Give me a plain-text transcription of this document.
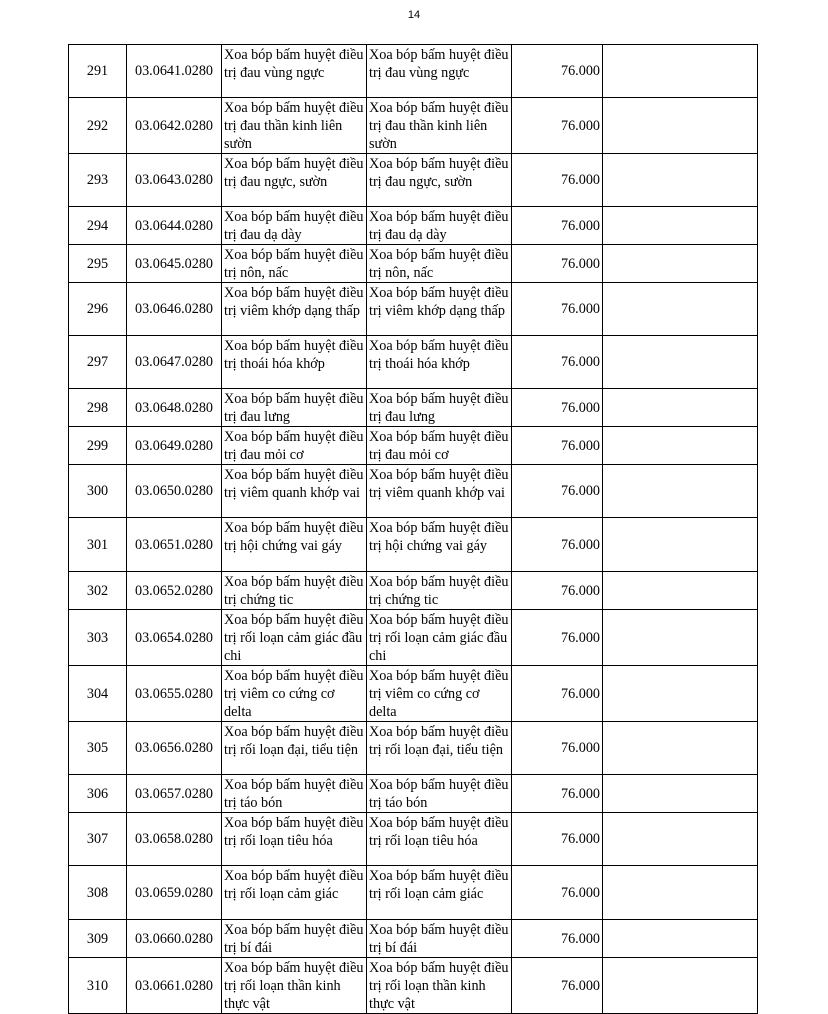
14
291	03.0641.0280	Xoa bóp bấm huyệt điều trị đau vùng ngực	Xoa bóp bấm huyệt điều trị đau vùng ngực	76.000	
292	03.0642.0280	Xoa bóp bấm huyệt điều trị đau thần kinh liên sườn	Xoa bóp bấm huyệt điều trị đau thần kinh liên sườn	76.000	
293	03.0643.0280	Xoa bóp bấm huyệt điều trị đau ngực, sườn	Xoa bóp bấm huyệt điều trị đau ngực, sườn	76.000	
294	03.0644.0280	Xoa bóp bấm huyệt điều trị đau dạ dày	Xoa bóp bấm huyệt điều trị đau dạ dày	76.000	
295	03.0645.0280	Xoa bóp bấm huyệt điều trị nôn, nấc	Xoa bóp bấm huyệt điều trị nôn, nấc	76.000	
296	03.0646.0280	Xoa bóp bấm huyệt điều trị viêm khớp dạng thấp	Xoa bóp bấm huyệt điều trị viêm khớp dạng thấp	76.000	
297	03.0647.0280	Xoa bóp bấm huyệt điều trị thoái hóa khớp	Xoa bóp bấm huyệt điều trị thoái hóa khớp	76.000	
298	03.0648.0280	Xoa bóp bấm huyệt điều trị đau lưng	Xoa bóp bấm huyệt điều trị đau lưng	76.000	
299	03.0649.0280	Xoa bóp bấm huyệt điều trị đau mỏi cơ	Xoa bóp bấm huyệt điều trị đau mỏi cơ	76.000	
300	03.0650.0280	Xoa bóp bấm huyệt điều trị viêm quanh khớp vai	Xoa bóp bấm huyệt điều trị viêm quanh khớp vai	76.000	
301	03.0651.0280	Xoa bóp bấm huyệt điều trị hội chứng vai gáy	Xoa bóp bấm huyệt điều trị hội chứng vai gáy	76.000	
302	03.0652.0280	Xoa bóp bấm huyệt điều trị chứng tic	Xoa bóp bấm huyệt điều trị chứng tic	76.000	
303	03.0654.0280	Xoa bóp bấm huyệt điều trị rối loạn cảm giác đầu chi	Xoa bóp bấm huyệt điều trị rối loạn cảm giác đầu chi	76.000	
304	03.0655.0280	Xoa bóp bấm huyệt điều trị viêm co cứng cơ delta	Xoa bóp bấm huyệt điều trị viêm co cứng cơ delta	76.000	
305	03.0656.0280	Xoa bóp bấm huyệt điều trị rối loạn đại, tiểu tiện	Xoa bóp bấm huyệt điều trị rối loạn đại, tiểu tiện	76.000	
306	03.0657.0280	Xoa bóp bấm huyệt điều trị táo bón	Xoa bóp bấm huyệt điều trị táo bón	76.000	
307	03.0658.0280	Xoa bóp bấm huyệt điều trị rối loạn tiêu hóa	Xoa bóp bấm huyệt điều trị rối loạn tiêu hóa	76.000	
308	03.0659.0280	Xoa bóp bấm huyệt điều trị rối loạn cảm giác	Xoa bóp bấm huyệt điều trị rối loạn cảm giác	76.000	
309	03.0660.0280	Xoa bóp bấm huyệt điều trị bí đái	Xoa bóp bấm huyệt điều trị bí đái	76.000	
310	03.0661.0280	Xoa bóp bấm huyệt điều trị rối loạn thần kinh thực vật	Xoa bóp bấm huyệt điều trị rối loạn thần kinh thực vật	76.000	
